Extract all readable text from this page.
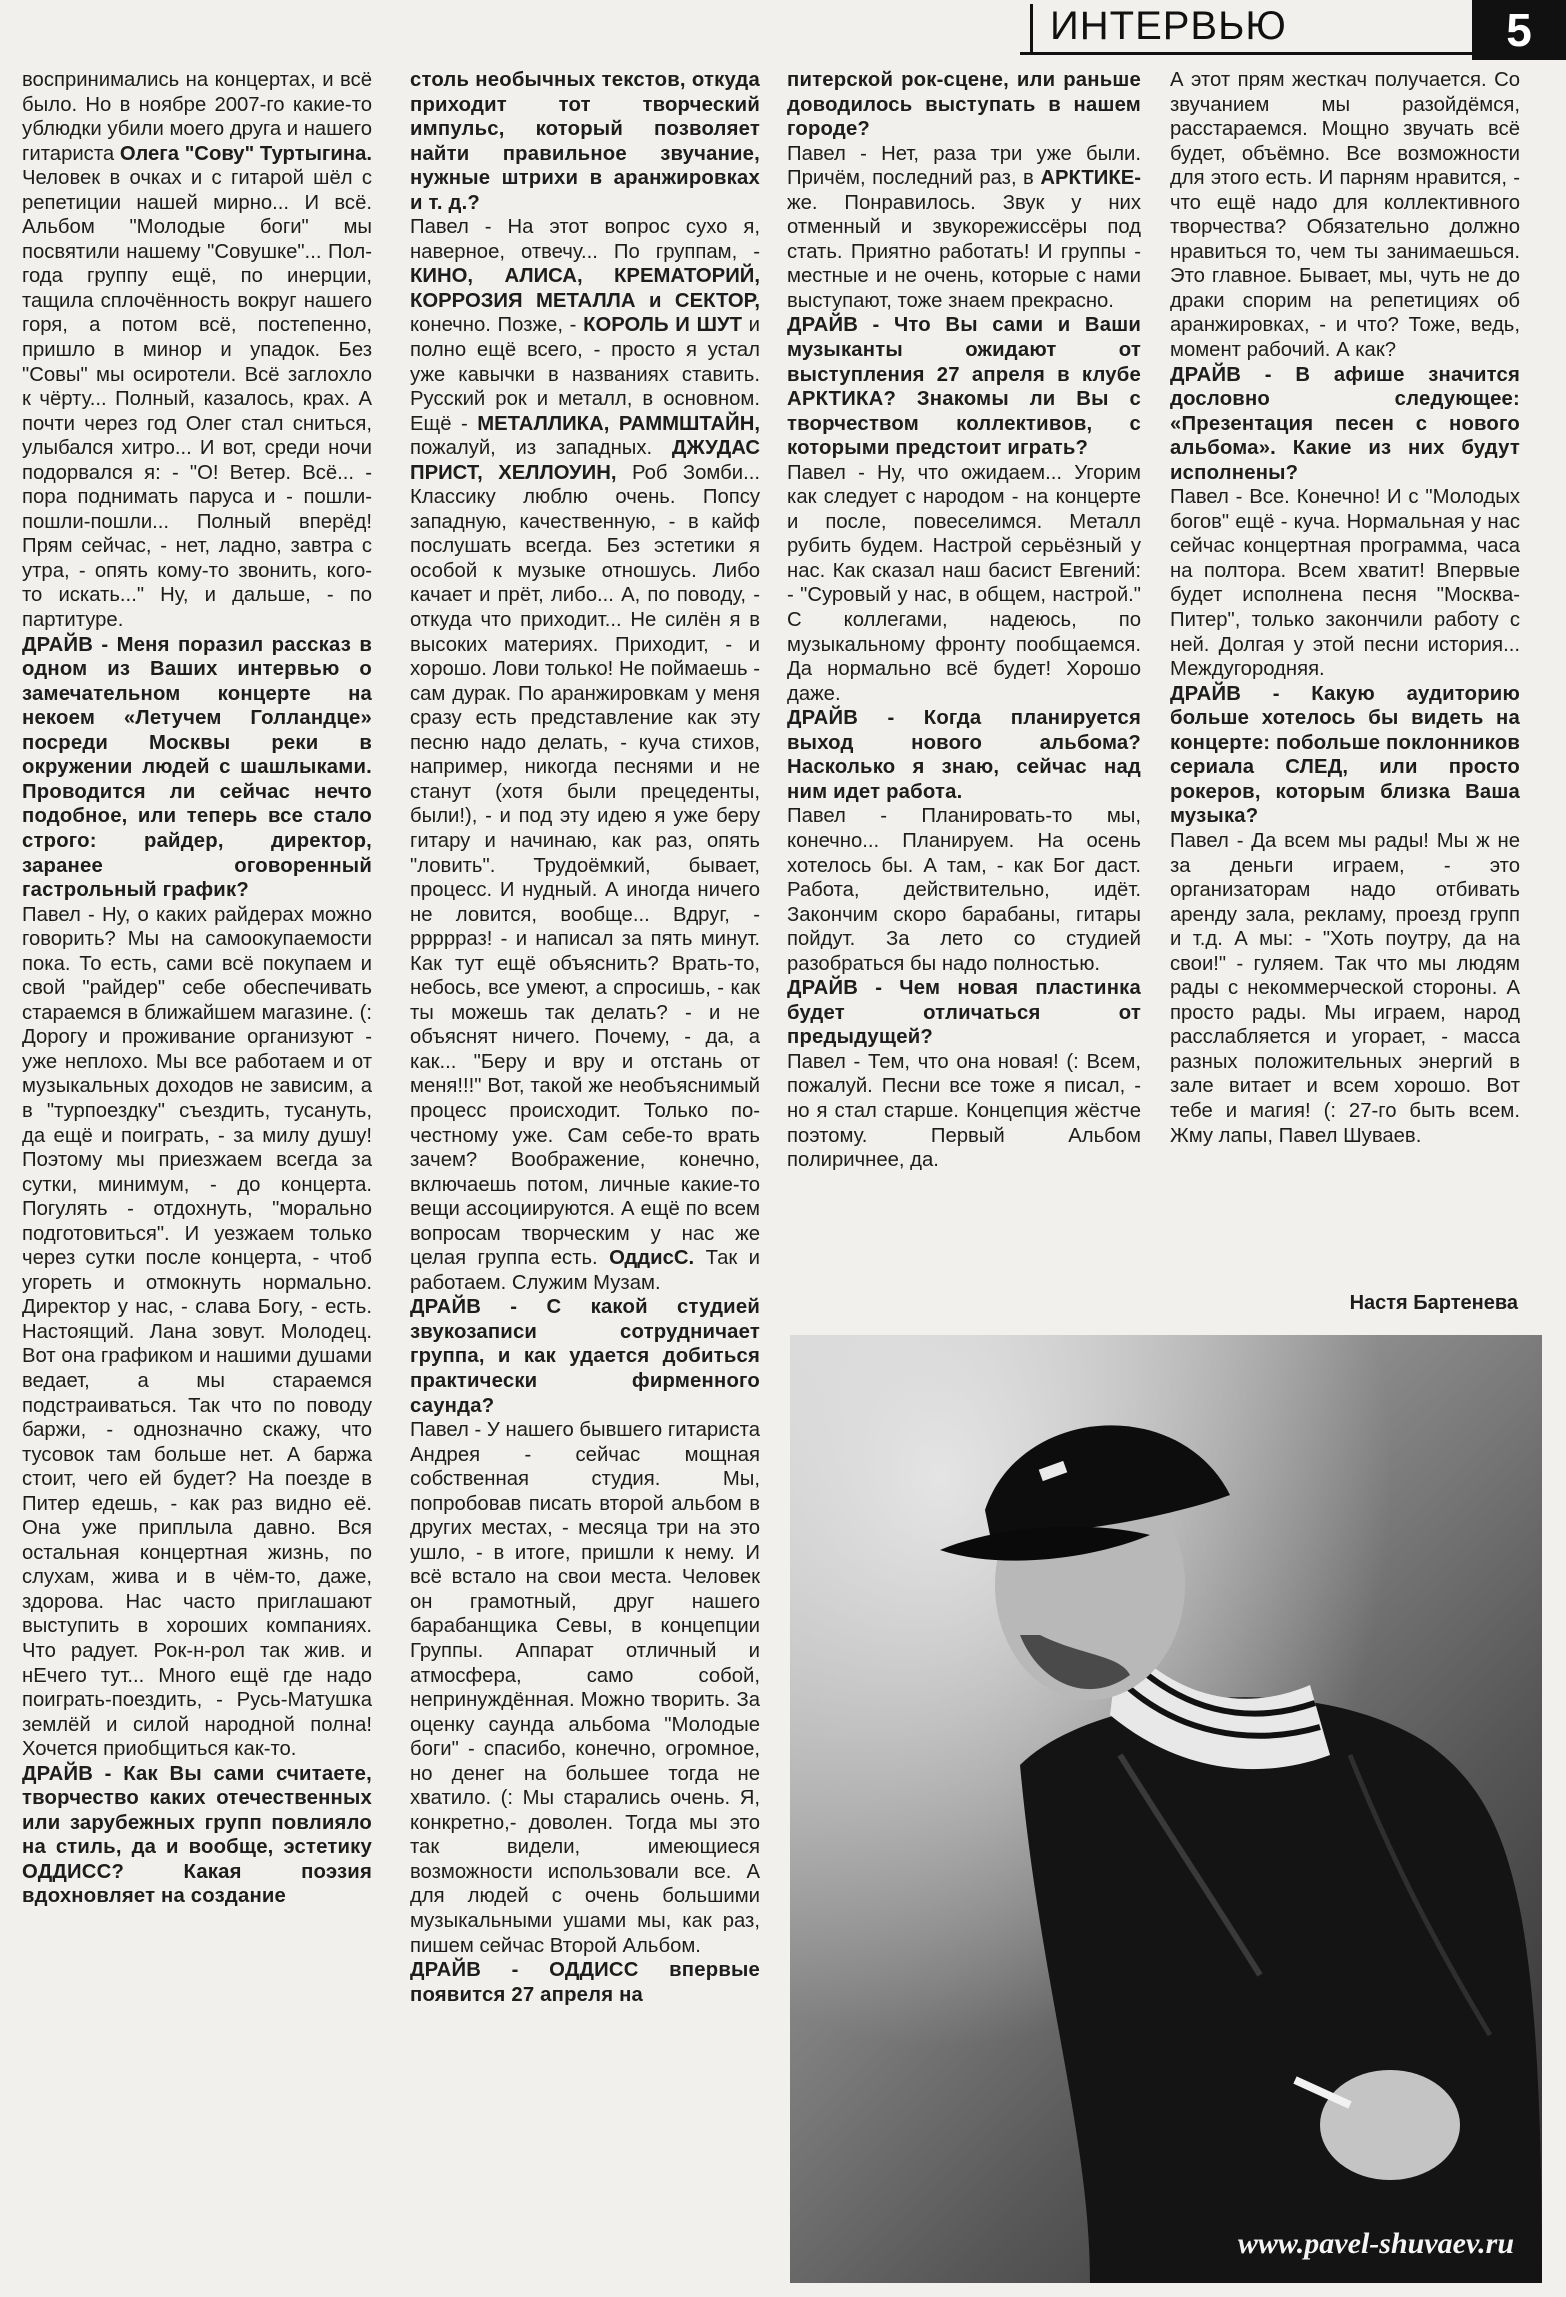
ИНТЕРВЬЮ	5

воспринимались на концертах, и всё было. Но в ноябре 2007-го какие-то ублюдки убили моего друга и нашего гитариста Олега "Сову" Туртыгина. Человек в очках и с гитарой шёл с репетиции нашей мирно... И всё. Альбом "Молодые боги" мы посвятили нашему "Совушке"... Пол-года группу ещё, по инерции, тащила сплочённость вокруг нашего горя, а потом всё, постепенно, пришло в минор и упадок. Без "Совы" мы осиротели. Всё заглохло к чёрту... Полный, казалось, крах. А почти через год Олег стал сниться, улыбался хитро... И вот, среди ночи подорвался я: - "О! Ветер. Всё... - пора поднимать паруса и - пошли-пошли-пошли... Полный вперёд! Прям сейчас, - нет, ладно, завтра с утра, - опять кому-то звонить, кого-то искать..." Ну, и дальше, - по партитуре.

ДРАЙВ - Меня поразил рассказ в одном из Ваших интервью о замечательном концерте на некоем «Летучем Голландце» посреди Москвы реки в окружении людей с шашлыками. Проводится ли сейчас нечто подобное, или теперь все стало строго: райдер, директор, заранее оговоренный гастрольный график?

Павел - Ну, о каких райдерах можно говорить? Мы на самоокупаемости пока. То есть, сами всё покупаем и свой "райдер" себе обеспечивать стараемся в ближайшем магазине. (: Дорогу и проживание организуют - уже неплохо. Мы все работаем и от музыкальных доходов не зависим, а в "турпоездку" съездить, тусануть, да ещё и поиграть, - за милу душу! Поэтому мы приезжаем всегда за сутки, минимум, - до концерта. Погулять - отдохнуть, "морально подготовиться". И уезжаем только через сутки после концерта, - чтоб угореть и отмокнуть нормально. Директор у нас, - слава Богу, - есть. Настоящий. Лана зовут. Молодец. Вот она графиком и нашими душами ведает, а мы стараемся подстраиваться. Так что по поводу баржи, - однозначно скажу, что тусовок там больше нет. А баржа стоит, чего ей будет? На поезде в Питер едешь, - как раз видно её. Она уже приплыла давно. Вся остальная концертная жизнь, по слухам, жива и в чём-то, даже, здорова. Нас часто приглашают выступить в хороших компаниях. Что радует. Рок-н-рол так жив. и нЕчего тут... Много ещё где надо поиграть-поездить, - Русь-Матушка землёй и силой народной полна! Хочется приобщиться как-то.

ДРАЙВ - Как Вы сами считаете, творчество каких отечественных или зарубежных групп повлияло на стиль, да и вообще, эстетику ОДДИСС? Какая поэзия вдохновляет на создание

столь необычных текстов, откуда приходит тот творческий импульс, который позволяет найти правильное звучание, нужные штрихи в аранжировках и т. д.?

Павел - На этот вопрос сухо я, наверное, отвечу... По группам, - КИНО, АЛИСА, КРЕМАТОРИЙ, КОРРОЗИЯ МЕТАЛЛА и СЕКТОР, конечно. Позже, - КОРОЛЬ И ШУТ и полно ещё всего, - просто я устал уже кавычки в названиях ставить. Русский рок и металл, в основном. Ещё - МЕТАЛЛИКА, РАММШТАЙН, пожалуй, из западных. ДЖУДАС ПРИСТ, ХЕЛЛОУИН, Роб Зомби... Классику люблю очень. Попсу западную, качественную, - в кайф послушать всегда. Без эстетики я особой к музыке отношусь. Либо качает и прёт, либо... А, по поводу, - откуда что приходит... Не силён я в высоких материях. Приходит, - и хорошо. Лови только! Не поймаешь - сам дурак. По аранжировкам у меня сразу есть представление как эту песню надо делать, - куча стихов, например, никогда песнями и не станут (хотя были прецеденты, были!), - и под эту идею я уже беру гитару и начинаю, как раз, опять "ловить". Трудоёмкий, бывает, процесс. И нудный. А иногда ничего не ловится, вообще... Вдруг, - ррррраз! - и написал за пять минут. Как тут ещё объяснить? Врать-то, небось, все умеют, а спросишь, - как ты можешь так делать? - и не объяснят ничего. Почему, - да, а как... "Беру и вру и отстань от меня!!!" Вот, такой же необъяснимый процесс происходит. Только по-честному уже. Сам себе-то врать зачем? Воображение, конечно, включаешь потом, личные какие-то вещи ассоциируются. А ещё по всем вопросам творческим у нас же целая группа есть. ОддисС. Так и работаем. Служим Музам.

ДРАЙВ - С какой студией звукозаписи сотрудничает группа, и как удается добиться практически фирменного саунда?

Павел - У нашего бывшего гитариста Андрея - сейчас мощная собственная студия. Мы, попробовав писать второй альбом в других местах, - месяца три на это ушло, - в итоге, пришли к нему. И всё встало на свои места. Человек он грамотный, друг нашего барабанщика Севы, в концепции Группы. Аппарат отличный и атмосфера, само собой, непринуждённая. Можно творить. За оценку саунда альбома "Молодые боги" - спасибо, конечно, огромное, но денег на большее тогда не хватило. (: Мы старались очень. Я, конкретно,- доволен. Тогда мы это так видели, имеющиеся возможности использовали все. А для людей с очень большими музыкальными ушами мы, как раз, пишем сейчас Второй Альбом.

ДРАЙВ - ОДДИСС впервые появится 27 апреля на

питерской рок-сцене, или раньше доводилось выступать в нашем городе?

Павел - Нет, раза три уже были. Причём, последний раз, в АРКТИКЕ- же. Понравилось. Звук у них отменный и звукорежиссёры под стать. Приятно работать! И группы - местные и не очень, которые с нами выступают, тоже знаем прекрасно.

ДРАЙВ - Что Вы сами и Ваши музыканты ожидают от выступления 27 апреля в клубе АРКТИКА? Знакомы ли Вы с творчеством коллективов, с которыми предстоит играть?

Павел - Ну, что ожидаем... Угорим как следует с народом - на концерте и после, повеселимся. Металл рубить будем. Настрой серьёзный у нас. Как сказал наш басист Евгений: - "Суровый у нас, в общем, настрой." С коллегами, надеюсь, по музыкальному фронту пообщаемся. Да нормально всё будет! Хорошо даже.

ДРАЙВ - Когда планируется выход нового альбома? Насколько я знаю, сейчас над ним идет работа.

Павел - Планировать-то мы, конечно... Планируем. На осень хотелось бы. А там, - как Бог даст. Работа, действительно, идёт. Закончим скоро барабаны, гитары пойдут. За лето со студией разобраться бы надо полностью.

ДРАЙВ - Чем новая пластинка будет отличаться от предыдущей?

Павел - Тем, что она новая! (: Всем, пожалуй. Песни все тоже я писал, - но я стал старше. Концепция жёстче поэтому. Первый Альбом полиричнее, да.

А этот прям жесткач получается. Со звучанием мы разойдёмся, расстараемся. Мощно звучать всё будет, объёмно. Все возможности для этого есть. И парням нравится, - что ещё надо для коллективного творчества? Обязательно должно нравиться то, чем ты занимаешься. Это главное. Бывает, мы, чуть не до драки спорим на репетициях об аранжировках, - и что? Тоже, ведь, момент рабочий. А как?

ДРАЙВ - В афише значится дословно следующее: «Презентация песен с нового альбома». Какие из них будут исполнены?

Павел - Все. Конечно! И с "Молодых богов" ещё - куча. Нормальная у нас сейчас концертная программа, часа на полтора. Всем хватит! Впервые будет исполнена песня "Москва-Питер", только закончили работу с ней. Долгая у этой песни история... Междугородняя.

ДРАЙВ - Какую аудиторию больше хотелось бы видеть на концерте: побольше поклонников сериала СЛЕД, или просто рокеров, которым близка Ваша музыка?

Павел - Да всем мы рады! Мы ж не за деньги играем, - это организаторам надо отбивать аренду зала, рекламу, проезд групп и т.д. А мы: - "Хоть поутру, да на свои!" - гуляем. Так что мы людям рады с некоммерческой стороны. А просто рады. Мы играем, народ расслабляется и угорает, - масса разных положительных энергий в зале витает и всем хорошо. Вот тебе и магия! (: 27-го быть всем. Жму лапы, Павел Шуваев.

Настя Бартенева
www.pavel-shuvaev.ru
